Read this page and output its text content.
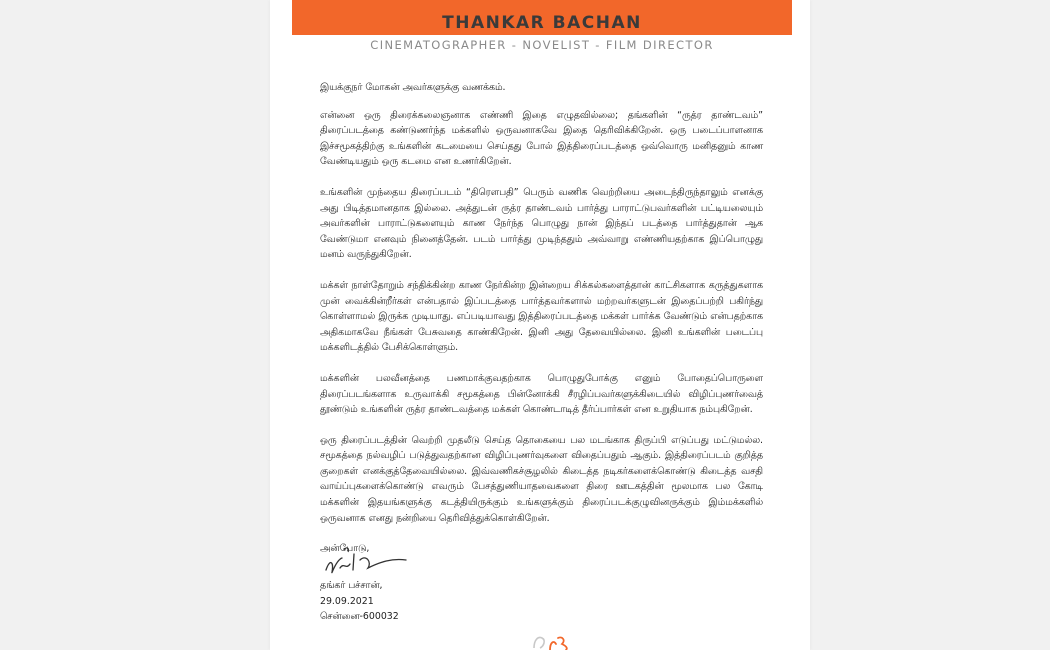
THANKAR BACHAN
CINEMATOGRAPHER - NOVELIST - FILM DIRECTOR

இயக்குநர் மோகன் அவர்களுக்கு வணக்கம்.

என்னை ஒரு திரைக்கலைஞனாக எண்ணி இதை எழுதவில்லை; தங்களின் “ருத்ர தாண்டவம்” திரைப்படத்தை கண்டுணர்ந்த மக்களில் ஒருவனாகவே இதை தெரிவிக்கிறேன். ஒரு படைப்பாளனாக இச்சமூகத்திற்கு உங்களின் கடமையை செய்தது போல் இத்திரைப்படத்தை ஒவ்வொரு மனிதனும் காண வேண்டியதும் ஒரு கடமை என உணர்கிறேன்.

உங்களின் முந்தைய திரைப்படம் “திரௌபதி” பெரும் வணிக வெற்றியை அடைந்திருந்தாலும் எனக்கு அது பிடித்தமானதாக இல்லை. அத்துடன் ருத்ர தாண்டவம் பார்த்து பாராட்டுபவர்களின் பட்டியலையும் அவர்களின் பாராட்டுகளையும் காண நேர்ந்த பொழுது நான் இந்தப் படத்தை பார்த்துதான் ஆக வேண்டுமா எனவும் நினைத்தேன். படம் பார்த்து முடிந்ததும் அவ்வாறு எண்ணியதற்காக இப்பொழுது மனம் வருந்துகிறேன்.

மக்கள் நாள்தோறும் சந்திக்கின்ற காண நேர்கின்ற இன்றைய சிக்கல்களைத்தான் காட்சிகளாக கருத்துகளாக முன் வைக்கின்றீர்கள் என்பதால் இப்படத்தை பார்த்தவர்களால் மற்றவர்களுடன் இதைப்பற்றி பகிர்ந்து கொள்ளாமல் இருக்க முடியாது. எப்படியாவது இத்திரைப்படத்தை மக்கள் பார்க்க வேண்டும் என்பதற்காக அதிகமாகவே நீங்கள் பேசுவதை காண்கிறேன். இனி அது தேவையில்லை. இனி உங்களின் படைப்பு மக்களிடத்தில் பேசிக்கொள்ளும்.

மக்களின் பலவீனத்தை பணமாக்குவதற்காக பொழுதுபோக்கு எனும் போதைப்பொருளை திரைப்படங்களாக உருவாக்கி சமூகத்தை பின்னோக்கி சீரழிப்பவர்களுக்கிடையில் விழிப்புணர்வைத் தூண்டும் உங்களின் ருத்ர தாண்டவத்தை மக்கள் கொண்டாடித் தீர்ப்பார்கள் என உறுதியாக நம்புகிறேன்.

ஒரு திரைப்படத்தின் வெற்றி முதலீடு செய்த தொகையை பல மடங்காக திருப்பி எடுப்பது மட்டுமல்ல. சமூகத்தை நல்வழிப் படுத்துவதற்கான விழிப்புணர்வுகளை விதைப்பதும் ஆகும். இத்திரைப்படம் குறித்த குறைகள் எனக்குத்தேவையில்லை. இவ்வணிகச்சூழலில் கிடைத்த நடிகர்களைக்கொண்டு கிடைத்த வசதி வாய்ப்புகளைக்கொண்டு எவரும் பேசத்துணியாதவைகளை திரை ஊடகத்தின் மூலமாக பல கோடி மக்களின் இதயங்களுக்கு கடத்தியிருக்கும் உங்களுக்கும் திரைப்படக்குழுவினருக்கும் இம்மக்களில் ஒருவனாக எனது நன்றியை தெரிவித்துக்கொள்கிறேன்.

அன்போடு,

தங்கர் பச்சான்,
29.09.2021
சென்னை-600032
